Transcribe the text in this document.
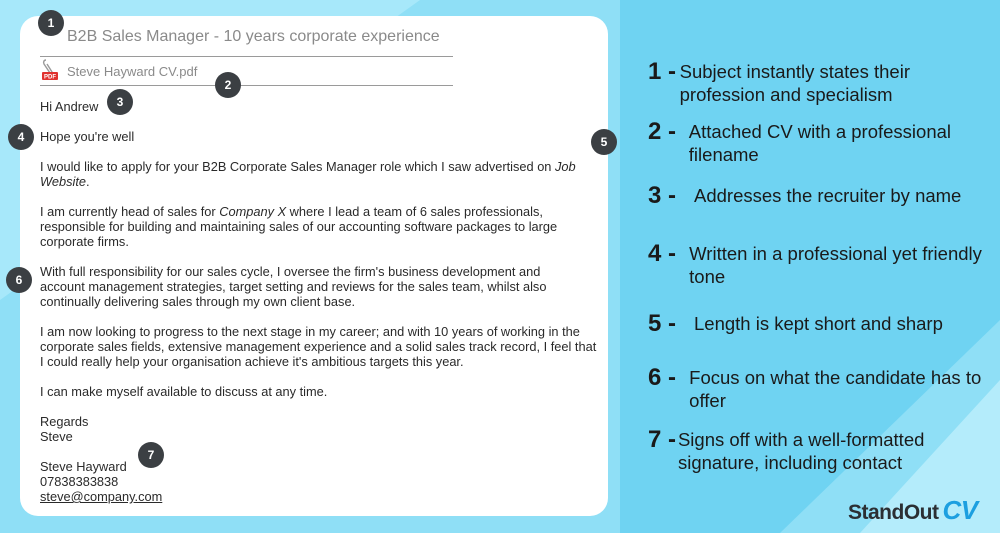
B2B Sales Manager - 10 years corporate experience
PDF Steve Hayward CV.pdf
Hi Andrew
Hope you're well
I would like to apply for your B2B Corporate Sales Manager role which I saw advertised on Job Website.
I am currently head of sales for Company X where I lead a team of 6 sales professionals, responsible for building and maintaining sales of our accounting software packages to large corporate firms.
With full responsibility for our sales cycle, I oversee the firm's business development and account management strategies, target setting and reviews for the sales team, whilst also continually delivering sales through my own client base.
I am now looking to progress to the next stage in my career; and with 10 years of working in the corporate sales fields, extensive management experience and a solid sales track record, I feel that I could really help your organisation achieve it's ambitious targets this year.
I can make myself available to discuss at any time.
Regards
Steve
Steve Hayward
07838383838
steve@company.com
1
2
3
4	5
6
7
1 - Subject instantly states their profession and specialism
2 - Attached CV with a professional filename
3 - Addresses the recruiter by name
4 - Written in a professional yet friendly tone
5 - Length is kept short and sharp
6 - Focus on what the candidate has to offer
7 - Signs off with a well-formatted signature, including contact
StandOut CV
